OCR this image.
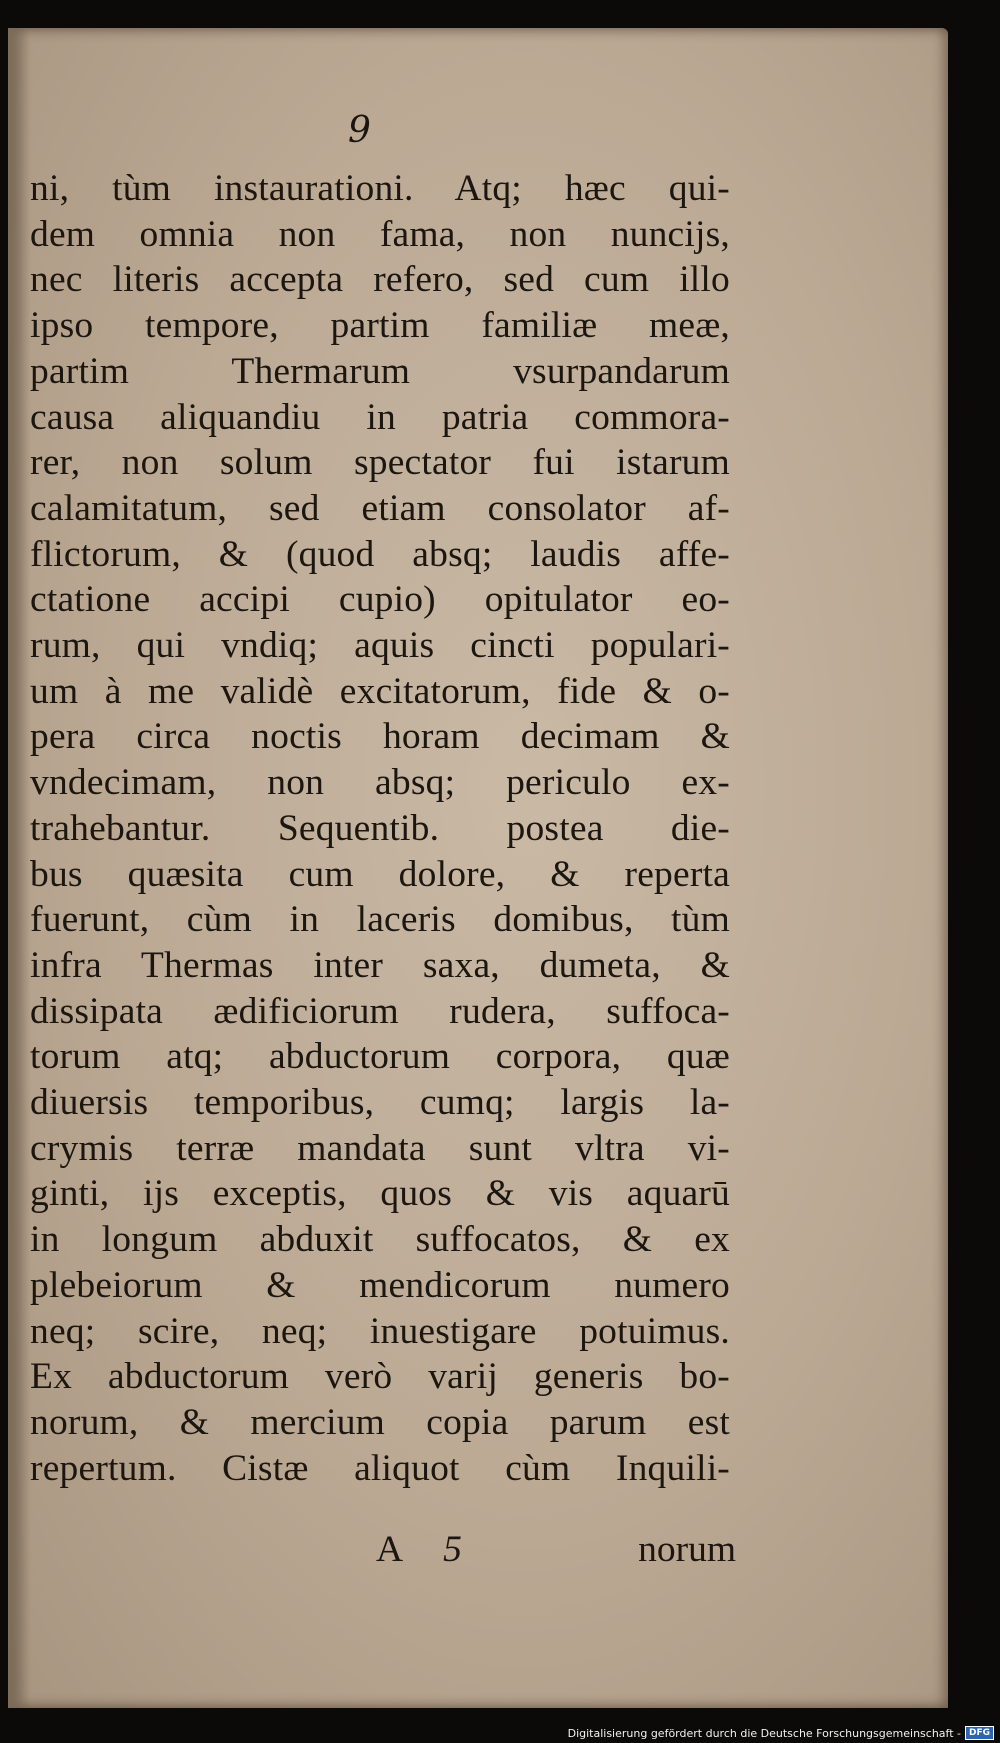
9
ni, tùm instaurationi. Atq; hæc qui-
dem omnia non fama, non nuncijs,
nec literis accepta refero, sed cum illo
ipso tempore, partim familiæ meæ,
partim Thermarum vsurpandarum
causa aliquandiu in patria commora-
rer, non solum spectator fui istarum
calamitatum, sed etiam consolator af-
flictorum, & (quod absq; laudis affe-
ctatione accipi cupio) opitulator eo-
rum, qui vndiq; aquis cincti populari-
um à me validè excitatorum, fide & o-
pera circa noctis horam decimam &
vndecimam, non absq; periculo ex-
trahebantur. Sequentib. postea die-
bus quæsita cum dolore, & reperta
fuerunt, cùm in laceris domibus, tùm
infra Thermas inter saxa, dumeta, &
dissipata ædificiorum rudera, suffoca-
torum atq; abductorum corpora, quæ
diuersis temporibus, cumq; largis la-
crymis terræ mandata sunt vltra vi-
ginti, ijs exceptis, quos & vis aquarū
in longum abduxit suffocatos, & ex
plebeiorum & mendicorum numero
neq; scire, neq; inuestigare potuimus.
Ex abductorum verò varij generis bo-
norum, & mercium copia parum est
repertum. Cistæ aliquot cùm Inquili-
A 5	norum
Digitalisierung gefördert durch die Deutsche Forschungsgemeinschaft - DFG
